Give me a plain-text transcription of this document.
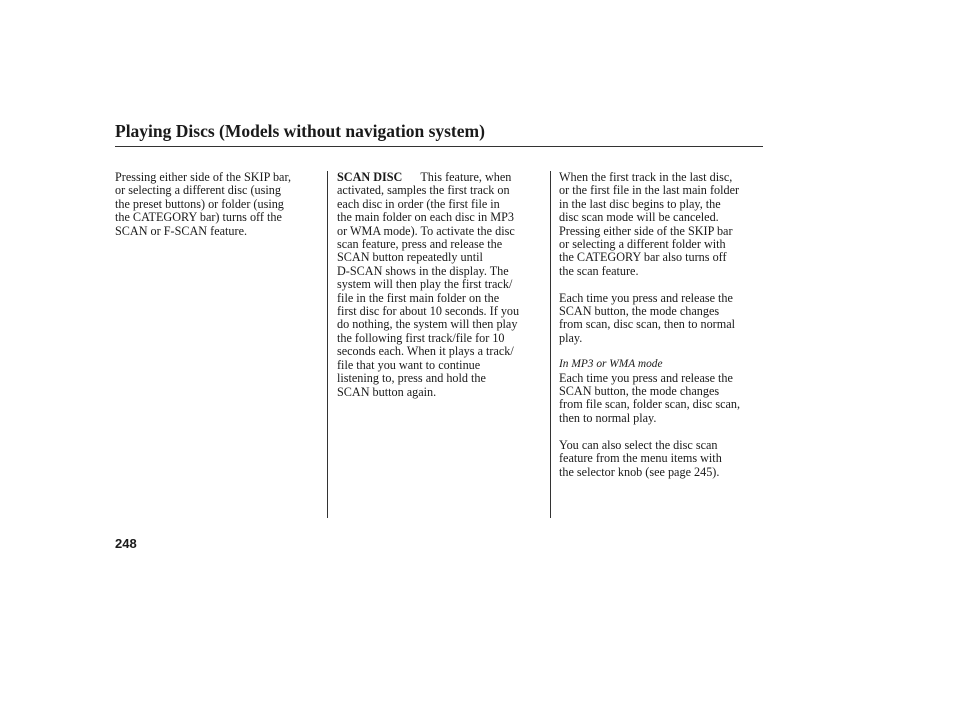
Playing Discs (Models without navigation system)
Pressing either side of the SKIP bar,
or selecting a different disc (using
the preset buttons) or folder (using
the CATEGORY bar) turns off the
SCAN or F-SCAN feature.
SCAN DISC This feature, when
activated, samples the first track on
each disc in order (the first file in
the main folder on each disc in MP3
or WMA mode). To activate the disc
scan feature, press and release the
SCAN button repeatedly until
D-SCAN shows in the display. The
system will then play the first track/
file in the first main folder on the
first disc for about 10 seconds. If you
do nothing, the system will then play
the following first track/file for 10
seconds each. When it plays a track/
file that you want to continue
listening to, press and hold the
SCAN button again.
When the first track in the last disc,
or the first file in the last main folder
in the last disc begins to play, the
disc scan mode will be canceled.
Pressing either side of the SKIP bar
or selecting a different folder with
the CATEGORY bar also turns off
the scan feature.
Each time you press and release the
SCAN button, the mode changes
from scan, disc scan, then to normal
play.
In MP3 or WMA mode
Each time you press and release the
SCAN button, the mode changes
from file scan, folder scan, disc scan,
then to normal play.
You can also select the disc scan
feature from the menu items with
the selector knob (see page 245).
248
